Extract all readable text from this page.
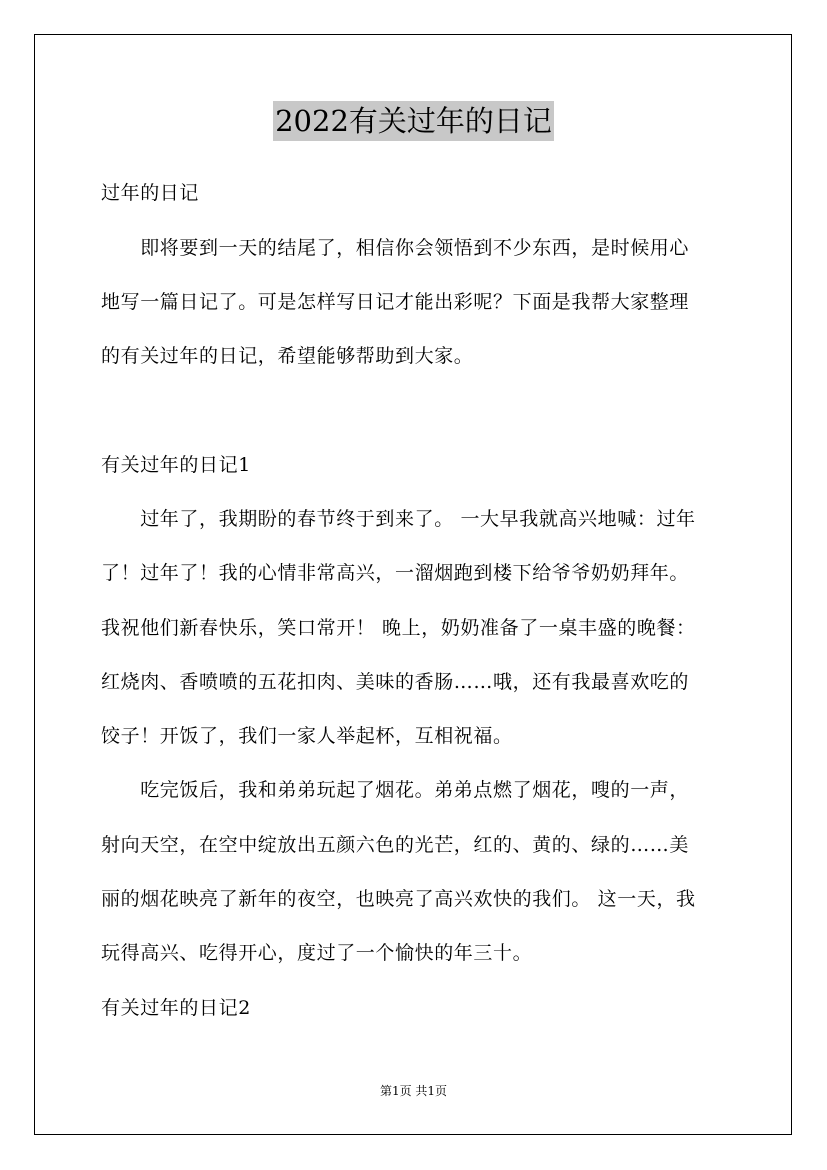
2022有关过年的日记
过年的日记
　　即将要到一天的结尾了，相信你会领悟到不少东西，是时候用心
地写一篇日记了。可是怎样写日记才能出彩呢？下面是我帮大家整理
的有关过年的日记，希望能够帮助到大家。
有关过年的日记1
　　过年了，我期盼的春节终于到来了。 一大早我就高兴地喊：过年
了！过年了！我的心情非常高兴，一溜烟跑到楼下给爷爷奶奶拜年。
我祝他们新春快乐，笑口常开！ 晚上，奶奶准备了一桌丰盛的晚餐：
红烧肉、香喷喷的五花扣肉、美味的香肠……哦，还有我最喜欢吃的
饺子！开饭了，我们一家人举起杯，互相祝福。
　　吃完饭后，我和弟弟玩起了烟花。弟弟点燃了烟花，嗖的一声，
射向天空，在空中绽放出五颜六色的光芒，红的、黄的、绿的……美
丽的烟花映亮了新年的夜空，也映亮了高兴欢快的我们。 这一天，我
玩得高兴、吃得开心，度过了一个愉快的年三十。
有关过年的日记2
第1页 共1页
